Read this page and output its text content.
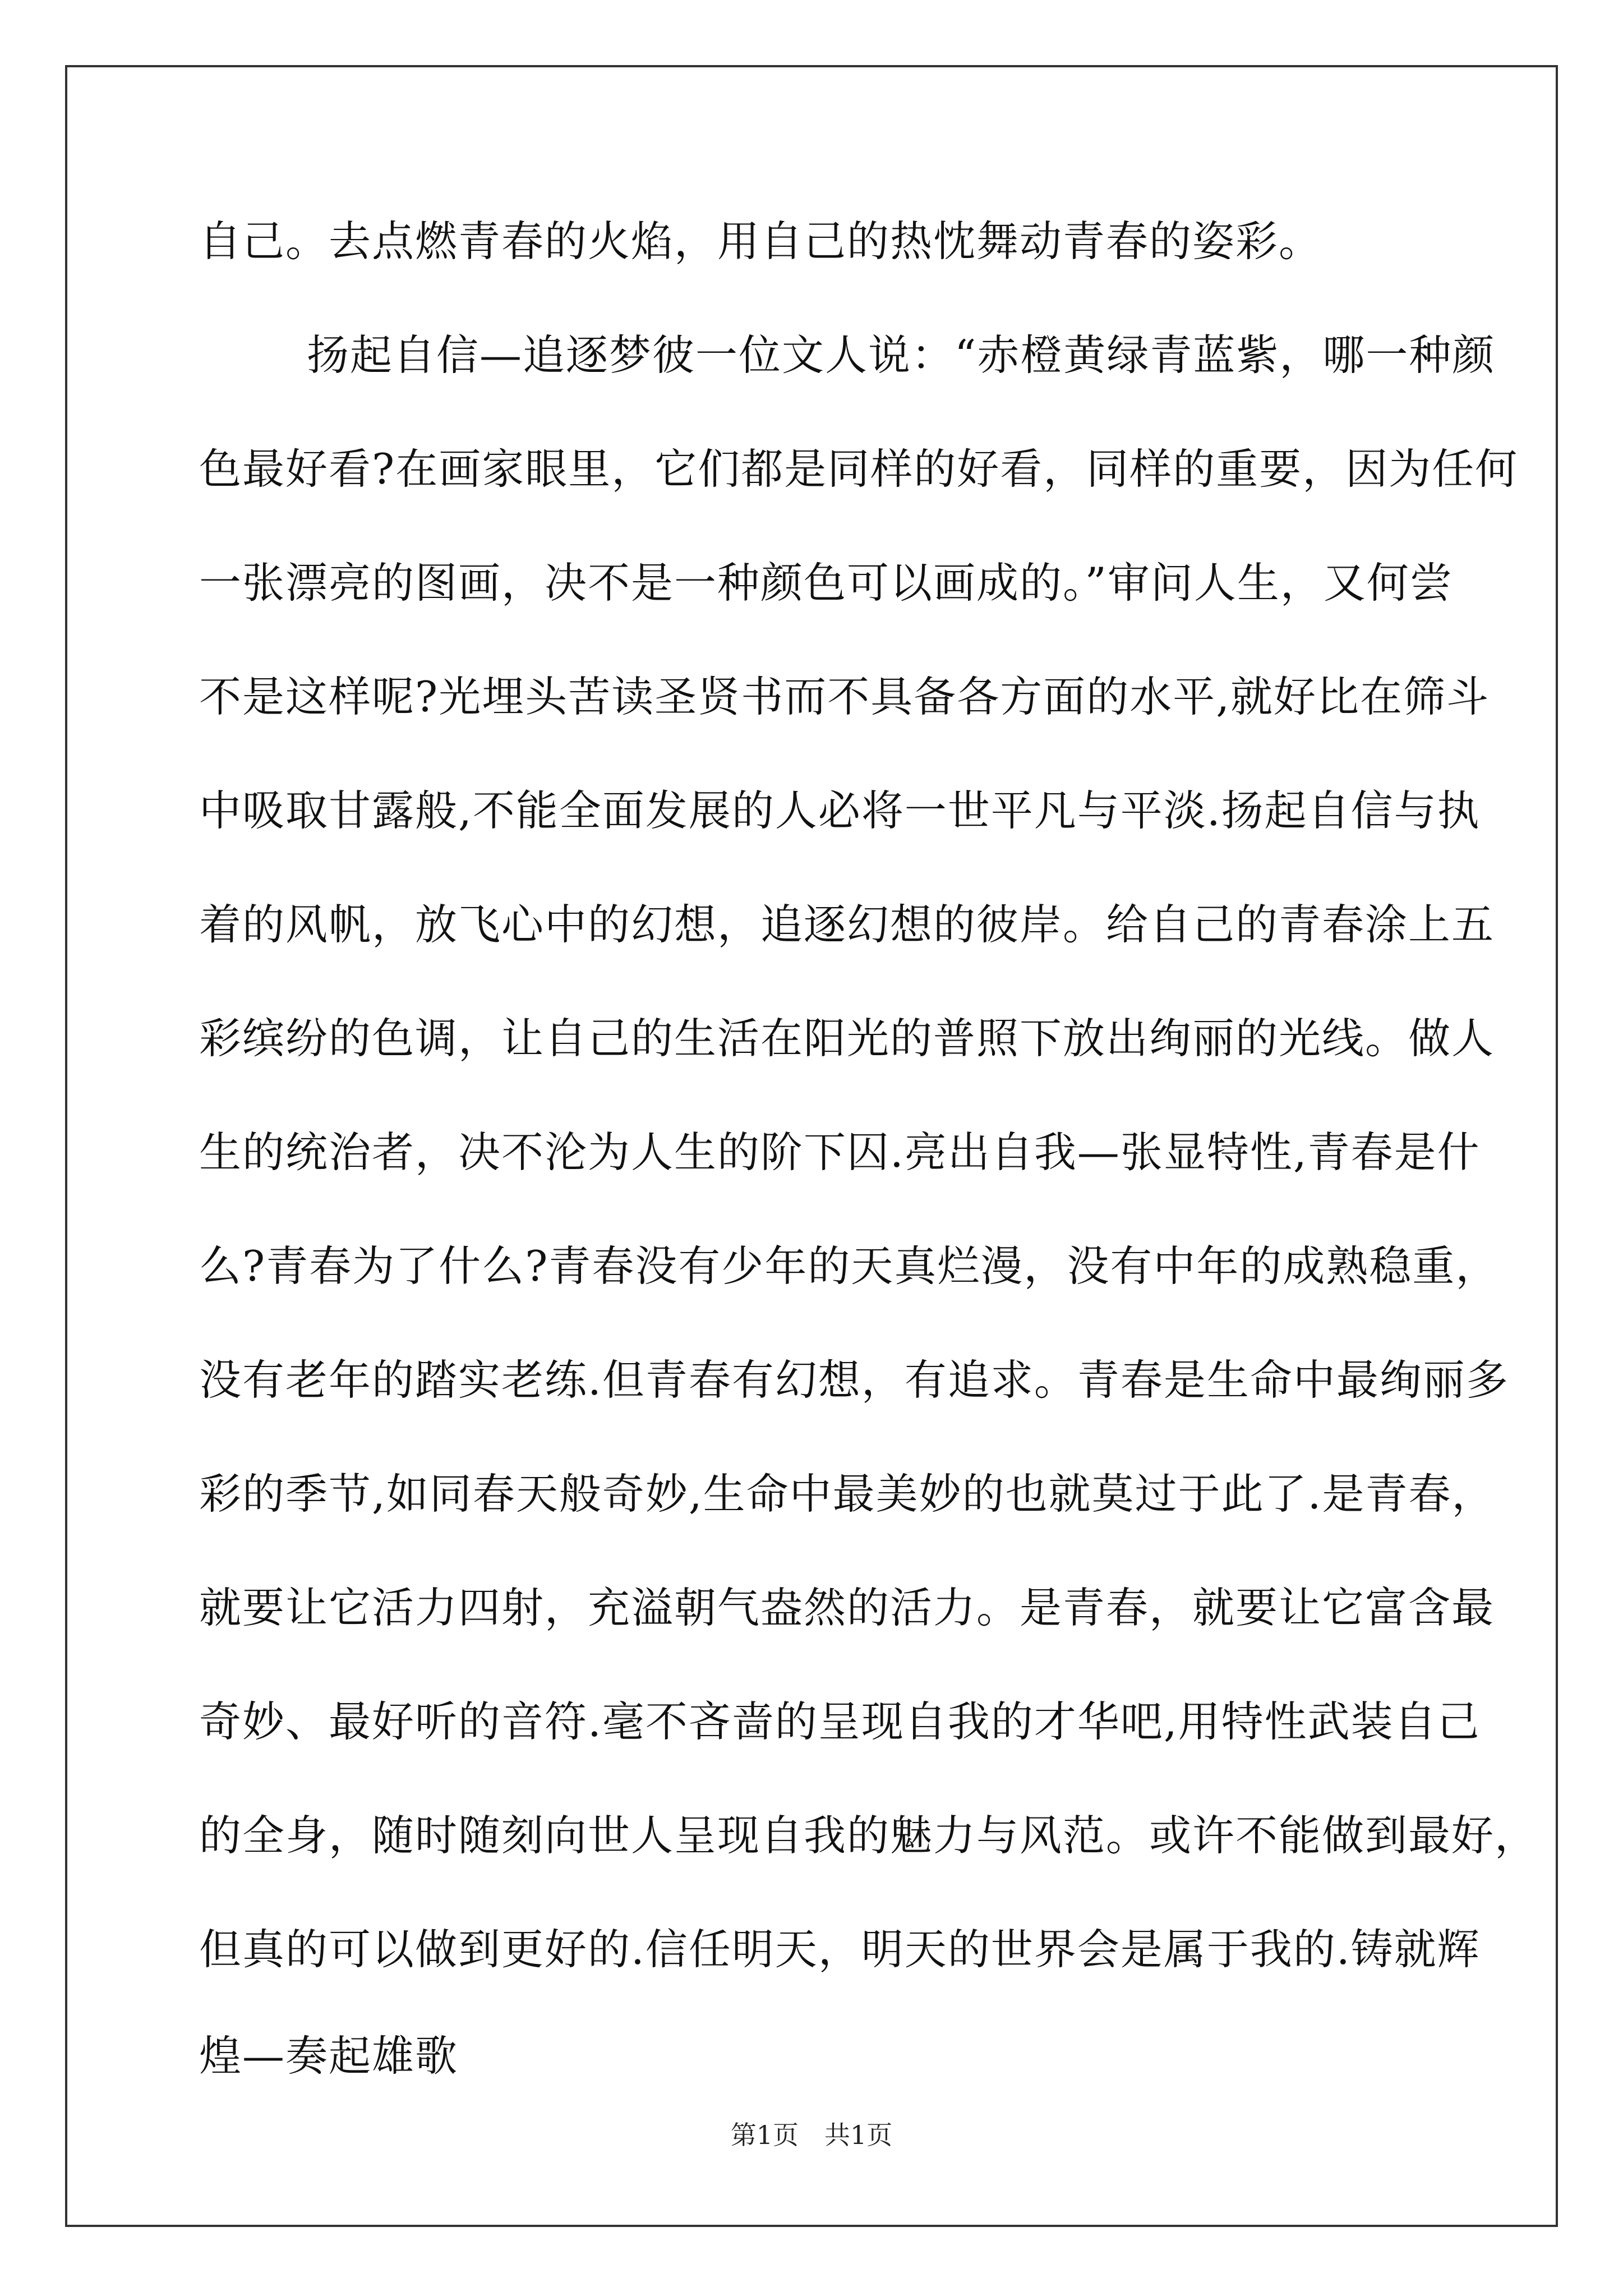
自己。去点燃青春的火焰，用自己的热忱舞动青春的姿彩。
　扬起自信—追逐梦彼一位文人说：“赤橙黄绿青蓝紫，哪一种颜
色最好看?在画家眼里，它们都是同样的好看，同样的重要，因为任何
一张漂亮的图画，决不是一种颜色可以画成的。”审问人生，又何尝
不是这样呢?光埋头苦读圣贤书而不具备各方面的水平,就好比在筛斗
中吸取甘露般,不能全面发展的人必将一世平凡与平淡.扬起自信与执
着的风帆，放飞心中的幻想，追逐幻想的彼岸。给自己的青春涂上五
彩缤纷的色调，让自己的生活在阳光的普照下放出绚丽的光线。做人
生的统治者，决不沦为人生的阶下囚.亮出自我—张显特性,青春是什
么?青春为了什么?青春没有少年的天真烂漫，没有中年的成熟稳重，
没有老年的踏实老练.但青春有幻想，有追求。青春是生命中最绚丽多
彩的季节,如同春天般奇妙,生命中最美妙的也就莫过于此了.是青春，
就要让它活力四射，充溢朝气盎然的活力。是青春，就要让它富含最
奇妙、最好听的音符.毫不吝啬的呈现自我的才华吧,用特性武装自己
的全身，随时随刻向世人呈现自我的魅力与风范。或许不能做到最好，
但真的可以做到更好的.信任明天，明天的世界会是属于我的.铸就辉
煌—奏起雄歌
第1页　共1页
